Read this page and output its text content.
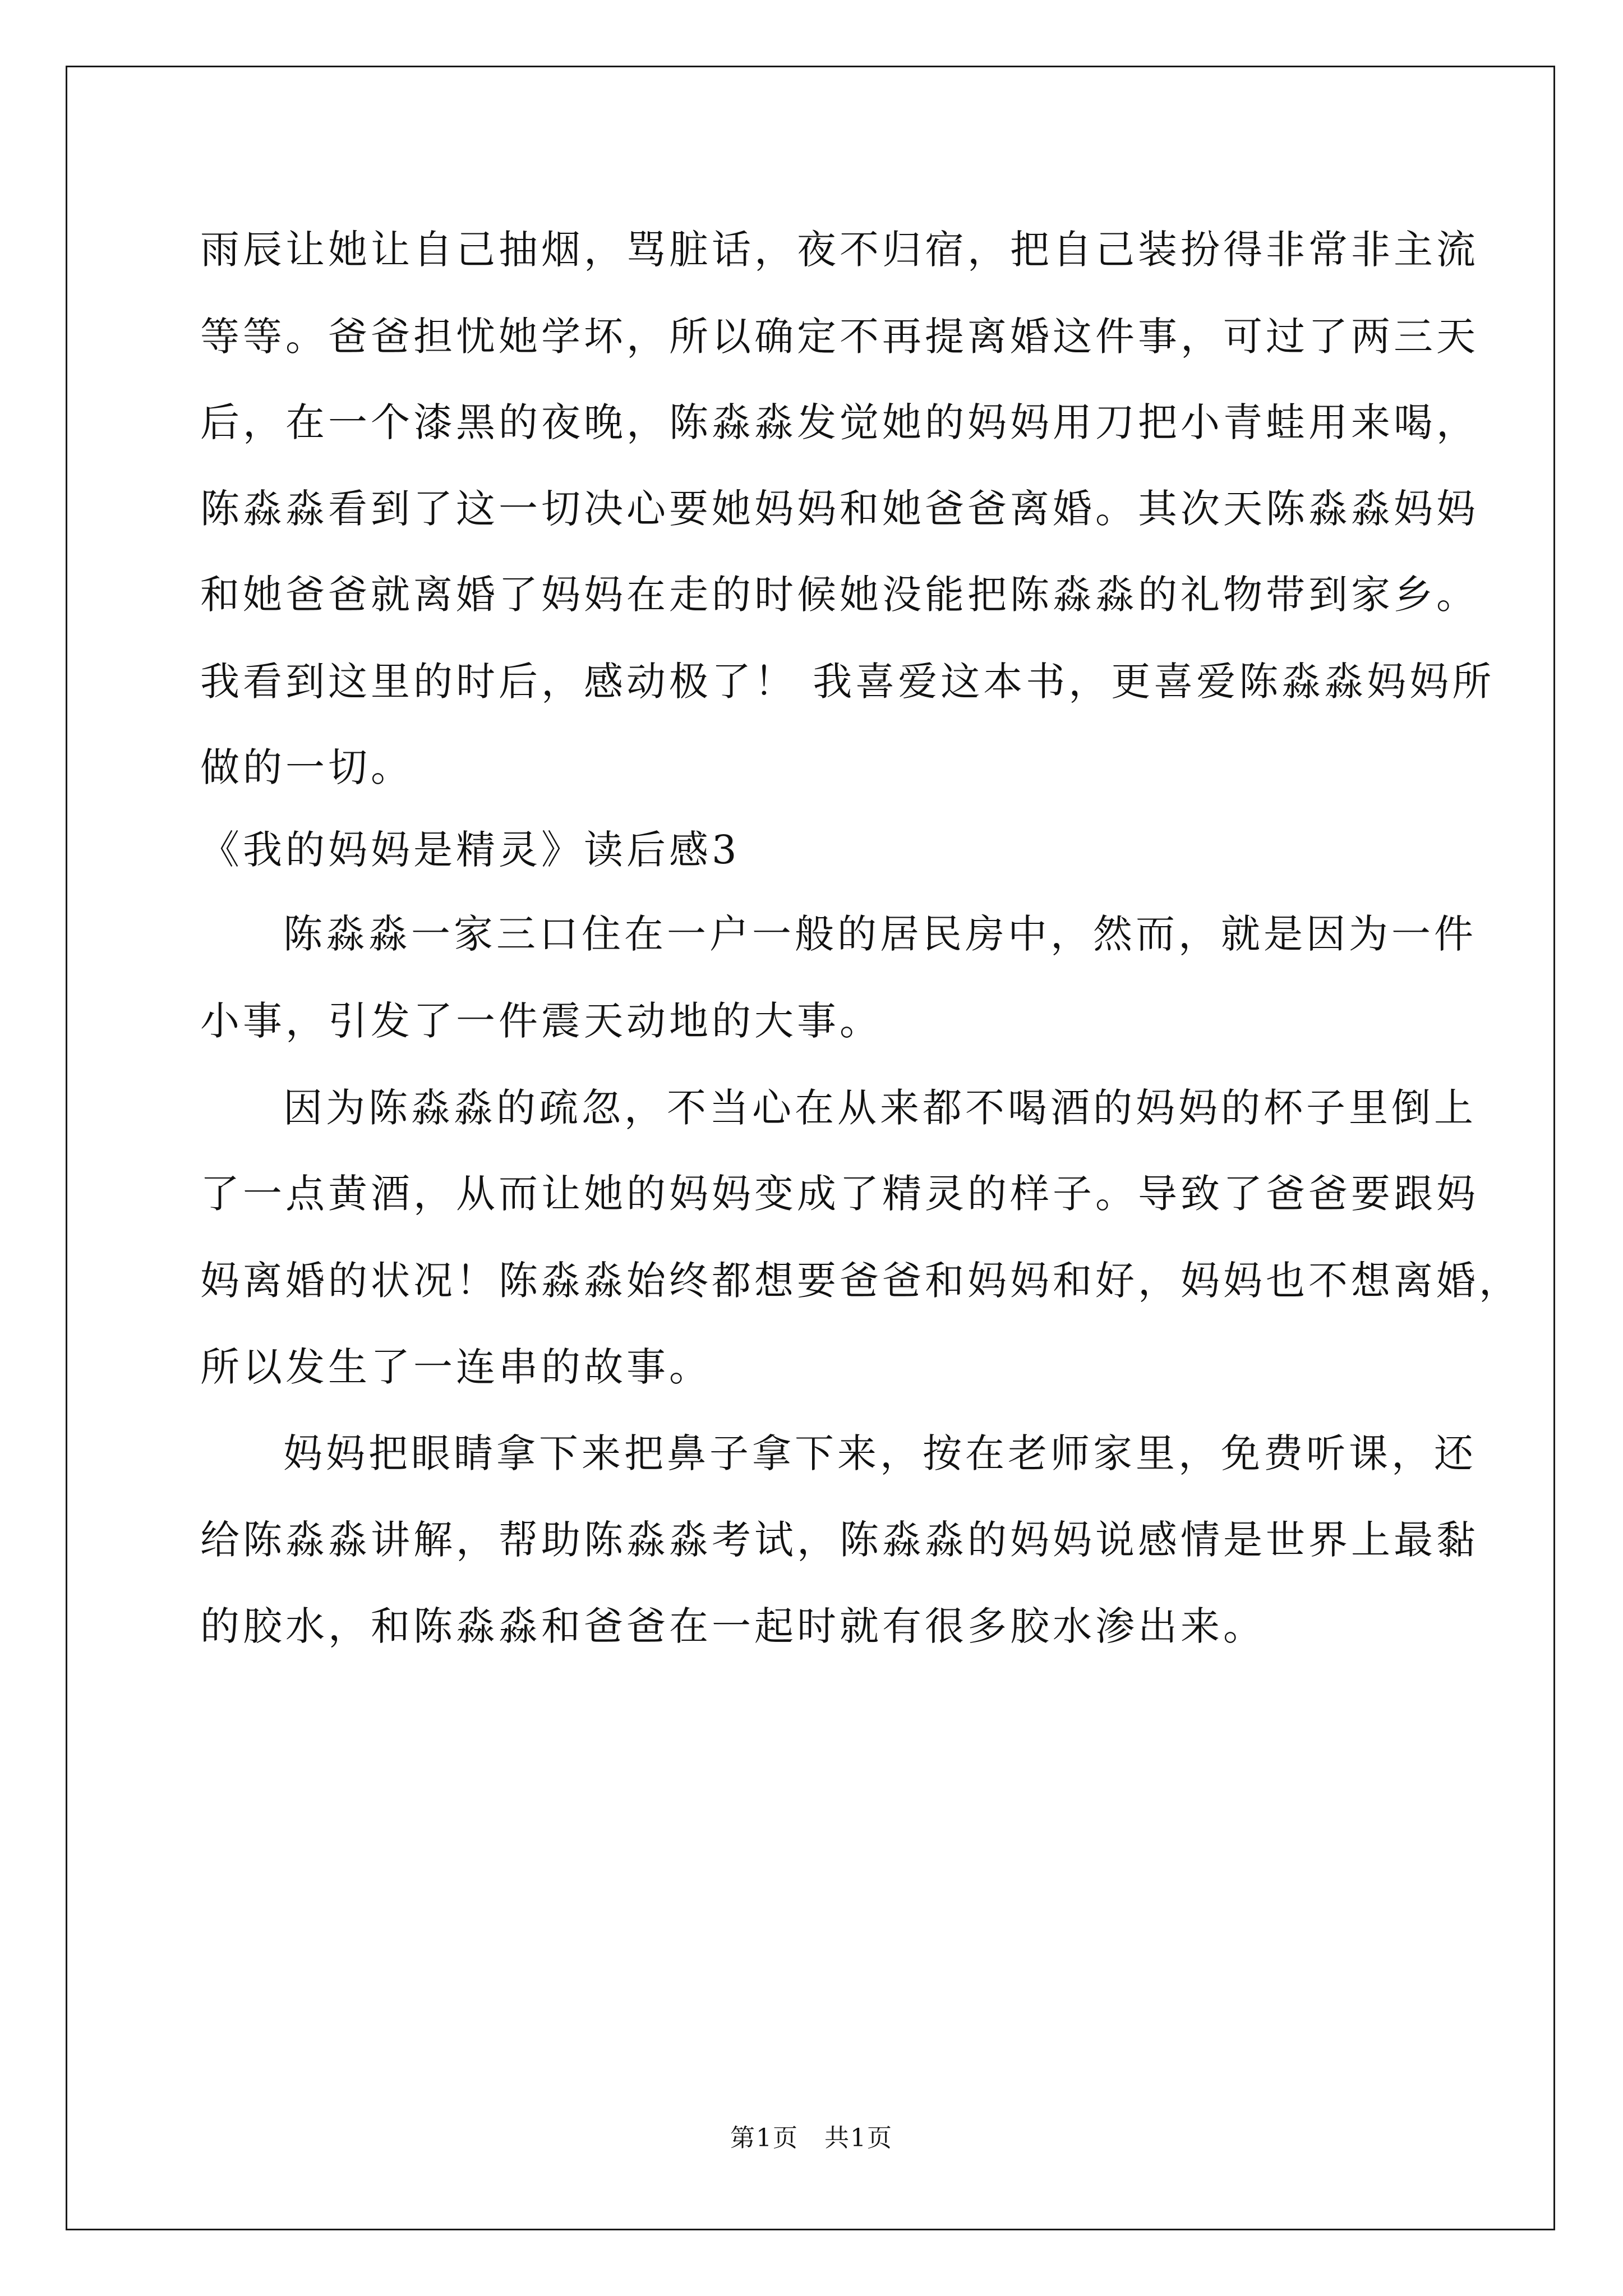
雨辰让她让自己抽烟，骂脏话，夜不归宿，把自己装扮得非常非主流
等等。爸爸担忧她学坏，所以确定不再提离婚这件事，可过了两三天
后，在一个漆黑的夜晚，陈淼淼发觉她的妈妈用刀把小青蛙用来喝，
陈淼淼看到了这一切决心要她妈妈和她爸爸离婚。其次天陈淼淼妈妈
和她爸爸就离婚了妈妈在走的时候她没能把陈淼淼的礼物带到家乡。
我看到这里的时后，感动极了！ 我喜爱这本书，更喜爱陈淼淼妈妈所
做的一切。
《我的妈妈是精灵》读后感3
陈淼淼一家三口住在一户一般的居民房中，然而，就是因为一件
小事，引发了一件震天动地的大事。
因为陈淼淼的疏忽，不当心在从来都不喝酒的妈妈的杯子里倒上
了一点黄酒，从而让她的妈妈变成了精灵的样子。导致了爸爸要跟妈
妈离婚的状况！陈淼淼始终都想要爸爸和妈妈和好，妈妈也不想离婚，
所以发生了一连串的故事。
妈妈把眼睛拿下来把鼻子拿下来，按在老师家里，免费听课，还
给陈淼淼讲解，帮助陈淼淼考试，陈淼淼的妈妈说感情是世界上最黏
的胶水，和陈淼淼和爸爸在一起时就有很多胶水渗出来。
第1页　共1页
